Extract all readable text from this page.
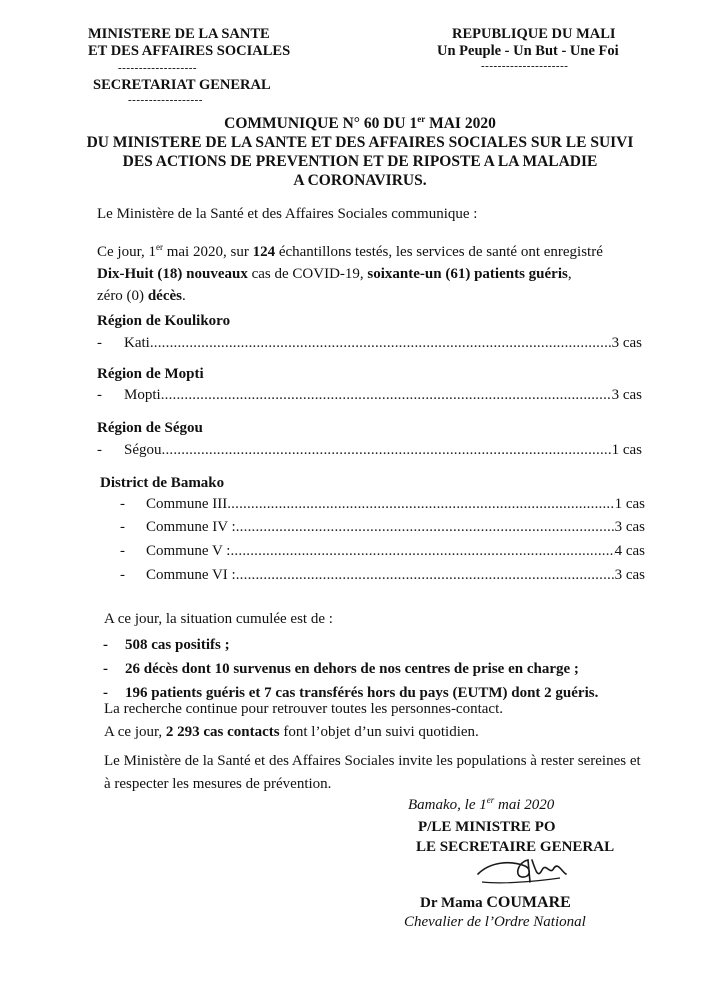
MINISTERE DE LA SANTE
ET DES AFFAIRES SOCIALES
-------------------
SECRETARIAT GENERAL
------------------
REPUBLIQUE DU MALI
Un Peuple - Un But - Une Foi
---------------------
COMMUNIQUE N° 60 DU 1er MAI 2020
DU MINISTERE DE LA SANTE ET DES AFFAIRES SOCIALES SUR LE SUIVI
DES ACTIONS DE PREVENTION ET DE RIPOSTE A LA MALADIE
A CORONAVIRUS.
Le Ministère de la Santé et des Affaires Sociales communique :
Ce jour, 1er mai 2020, sur 124 échantillons testés, les services de santé ont enregistré
Dix-Huit (18) nouveaux cas de COVID-19, soixante-un (61) patients guéris,
zéro (0) décès.
Région de Koulikoro
-	Kati .....	3 cas
Région de Mopti
-	Mopti .....	3 cas
Région de Ségou
-	Ségou .....	1 cas
District de Bamako
-	Commune III .....	1 cas
-	Commune IV : .....	3 cas
-	Commune V : .....	4 cas
-	Commune VI : .....	3 cas
A ce jour, la situation cumulée est de :
- 508 cas positifs ;
- 26 décès dont 10 survenus en dehors de nos centres de prise en charge ;
- 196 patients guéris et 7 cas transférés hors du pays (EUTM) dont 2 guéris.
La recherche continue pour retrouver toutes les personnes-contact.
A ce jour, 2 293 cas contacts font l’objet d’un suivi quotidien.
Le Ministère de la Santé et des Affaires Sociales invite les populations à rester sereines et
à respecter les mesures de prévention.
Bamako, le 1er mai 2020
P/LE MINISTRE PO
LE SECRETAIRE GENERAL
Dr Mama COUMARE
Chevalier de l’Ordre National
